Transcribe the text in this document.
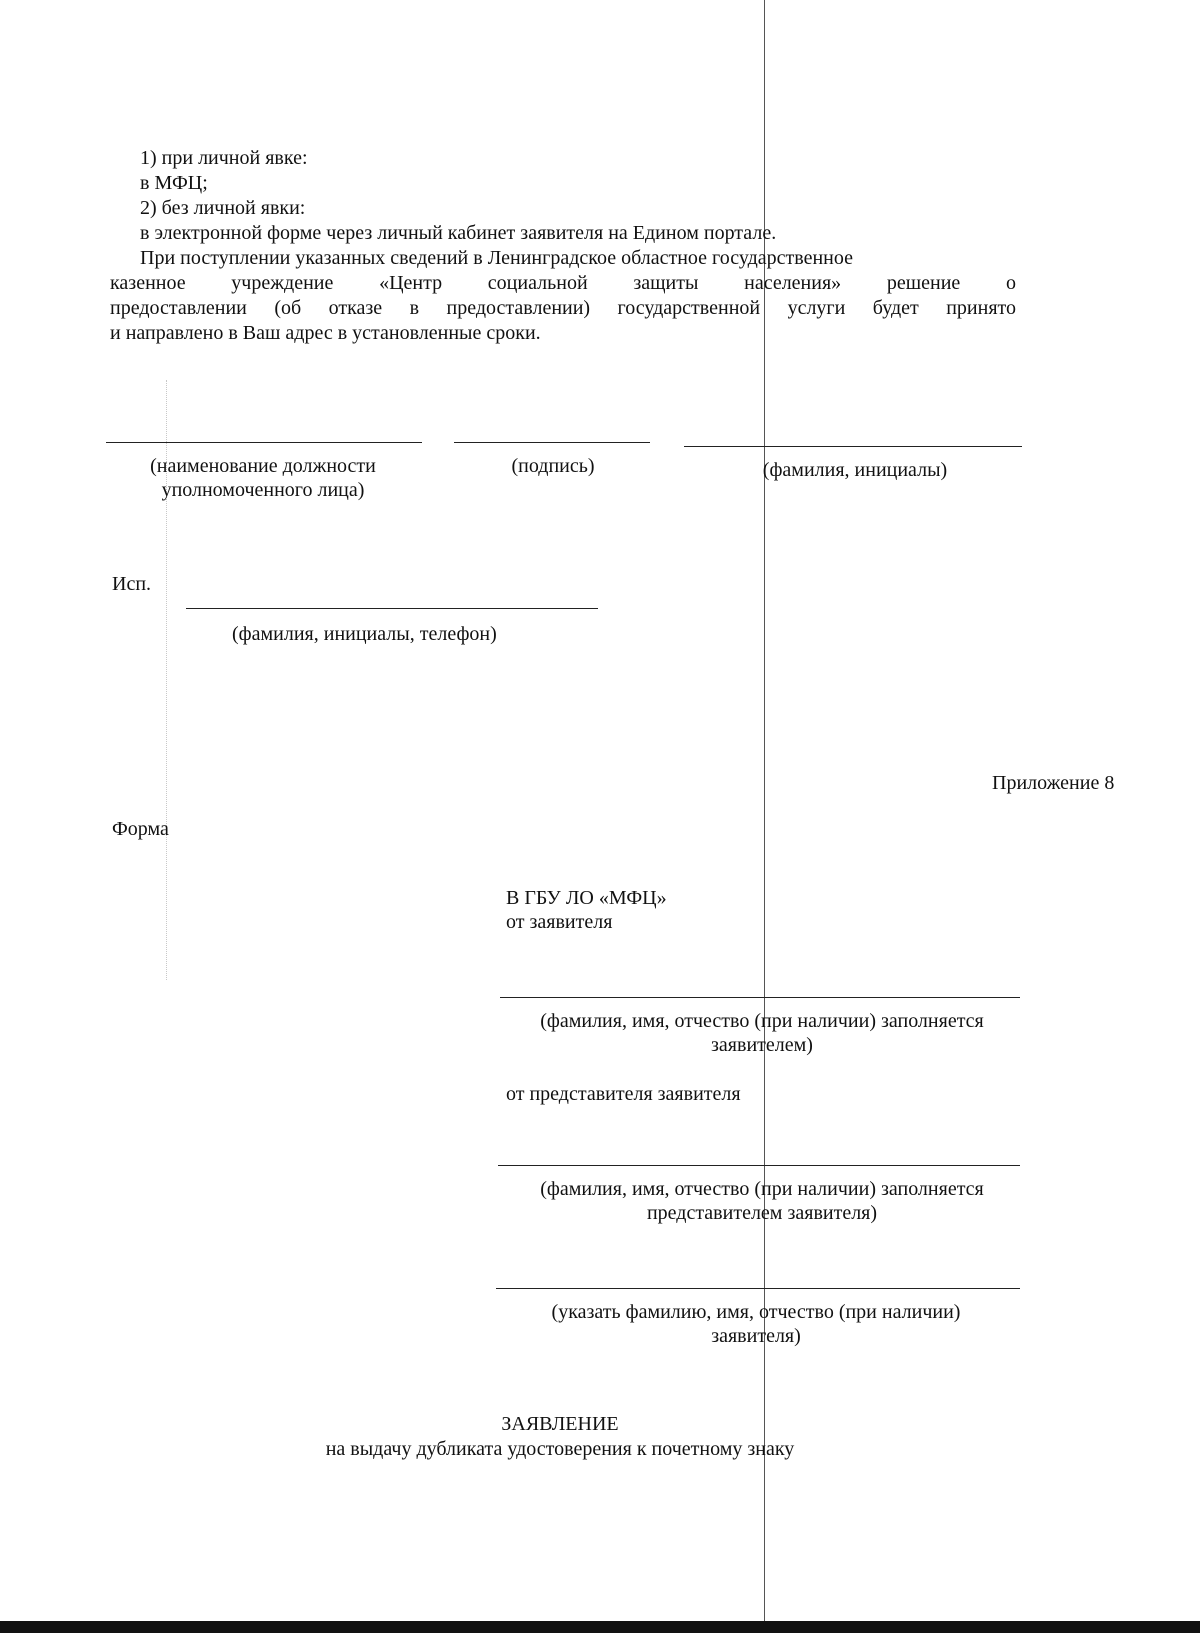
1) при личной явке:
в МФЦ;
2) без личной явки:
в электронной форме через личный кабинет заявителя на Едином портале.
При поступлении указанных сведений в Ленинградское областное государственное
казенное учреждение «Центр социальной защиты населения» решение о
предоставлении (об отказе в предоставлении) государственной услуги будет принято
и направлено в Ваш адрес в установленные сроки.
(наименование должности уполномоченного лица)
(подпись)	(фамилия, инициалы)
Исп.
(фамилия, инициалы, телефон)
Приложение 8
Форма
В ГБУ ЛО «МФЦ»
от заявителя
(фамилия, имя, отчество (при наличии) заполняется заявителем)
от представителя заявителя
(фамилия, имя, отчество (при наличии) заполняется представителем заявителя)
(указать фамилию, имя, отчество (при наличии) заявителя)
ЗАЯВЛЕНИЕ
на выдачу дубликата удостоверения к почетному знаку
